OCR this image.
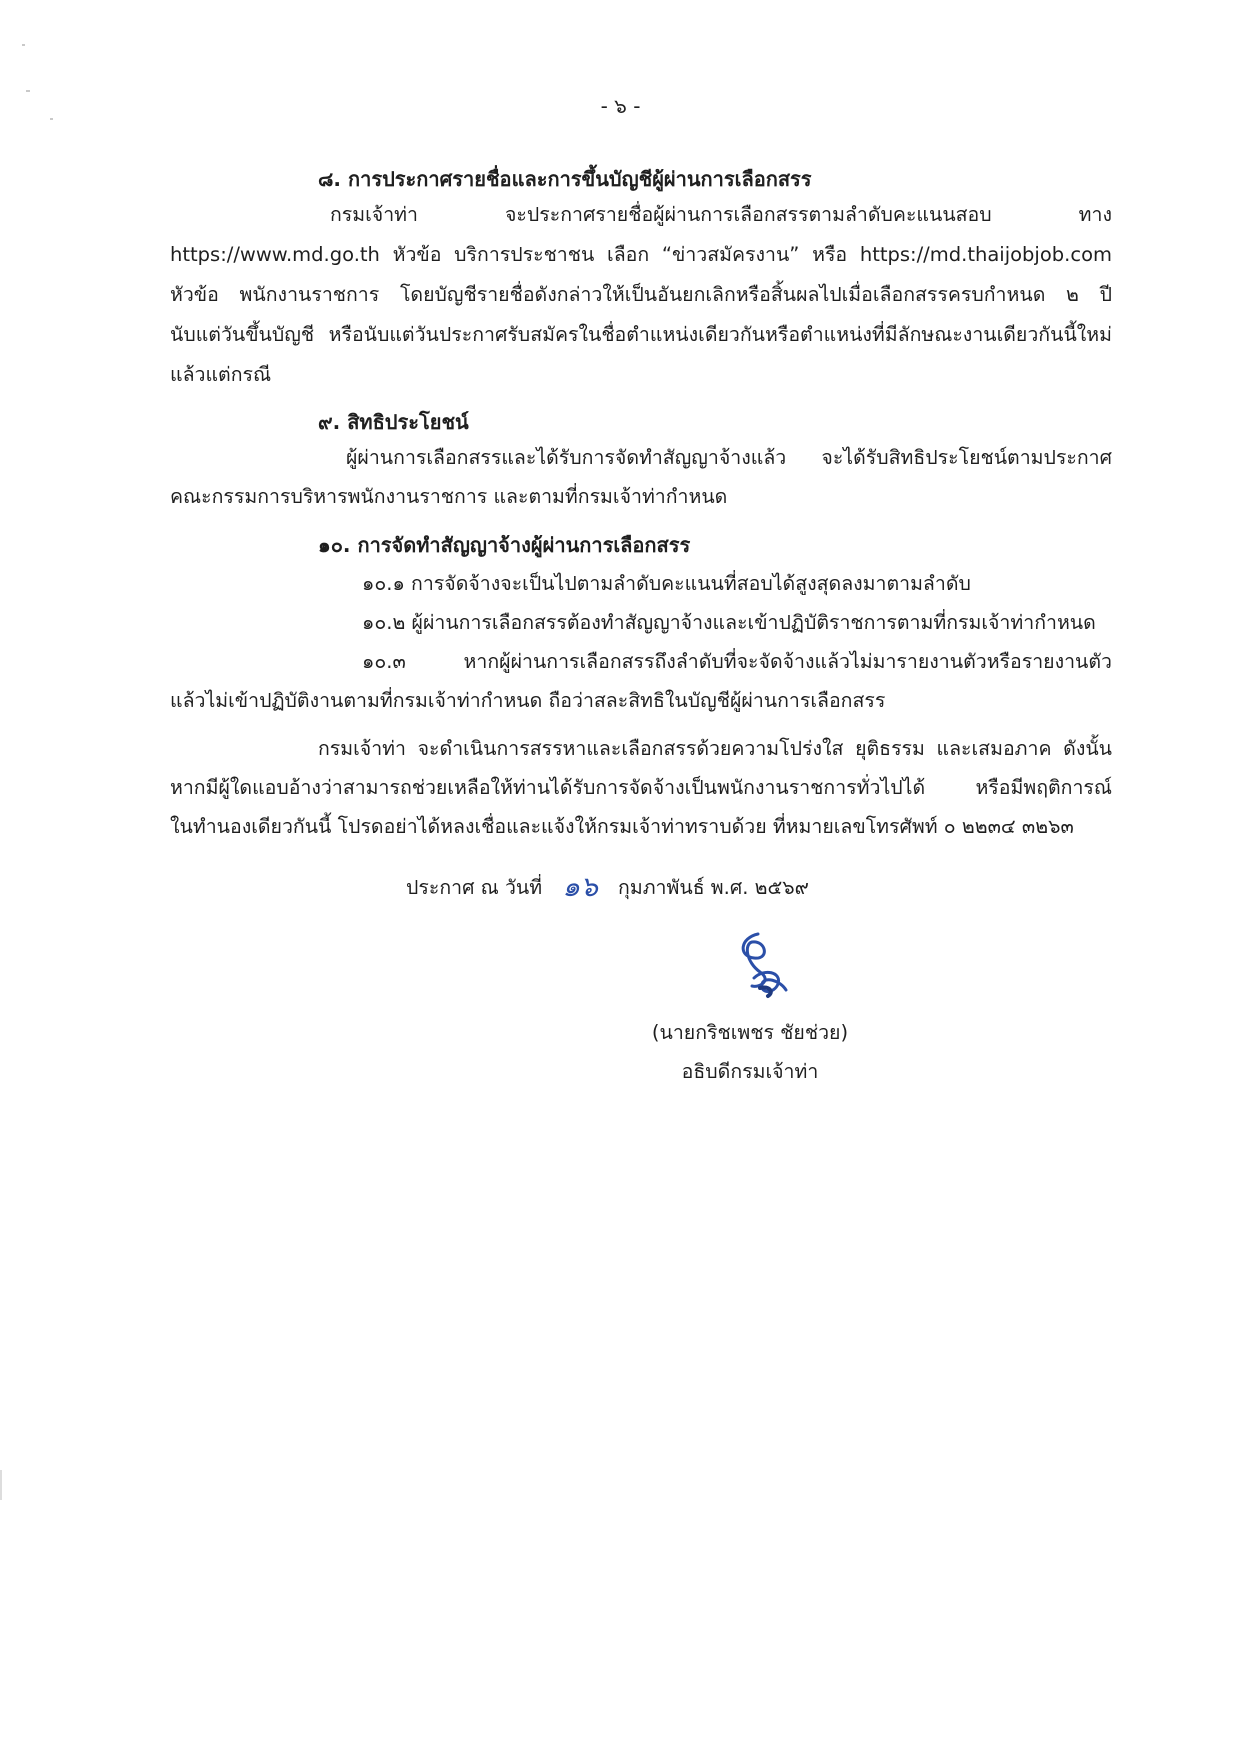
- ๖ -
๘. การประกาศรายชื่อและการขึ้นบัญชีผู้ผ่านการเลือกสรร
กรมเจ้าท่า จะประกาศรายชื่อผู้ผ่านการเลือกสรรตามลำดับคะแนนสอบ ทาง
https://www.md.go.th หัวข้อ บริการประชาชน เลือก “ข่าวสมัครงาน” หรือ https://md.thaijobjob.com
หัวข้อ พนักงานราชการ โดยบัญชีรายชื่อดังกล่าวให้เป็นอันยกเลิกหรือสิ้นผลไปเมื่อเลือกสรรครบกำหนด ๒ ปี
นับแต่วันขึ้นบัญชี หรือนับแต่วันประกาศรับสมัครในชื่อตำแหน่งเดียวกันหรือตำแหน่งที่มีลักษณะงานเดียวกันนี้ใหม่
แล้วแต่กรณี
๙. สิทธิประโยชน์
ผู้ผ่านการเลือกสรรและได้รับการจัดทำสัญญาจ้างแล้ว จะได้รับสิทธิประโยชน์ตามประกาศ
คณะกรรมการบริหารพนักงานราชการ และตามที่กรมเจ้าท่ากำหนด
๑๐. การจัดทำสัญญาจ้างผู้ผ่านการเลือกสรร
๑๐.๑ การจัดจ้างจะเป็นไปตามลำดับคะแนนที่สอบได้สูงสุดลงมาตามลำดับ
๑๐.๒ ผู้ผ่านการเลือกสรรต้องทำสัญญาจ้างและเข้าปฏิบัติราชการตามที่กรมเจ้าท่ากำหนด
๑๐.๓ หากผู้ผ่านการเลือกสรรถึงลำดับที่จะจัดจ้างแล้วไม่มารายงานตัวหรือรายงานตัว
แล้วไม่เข้าปฏิบัติงานตามที่กรมเจ้าท่ากำหนด ถือว่าสละสิทธิในบัญชีผู้ผ่านการเลือกสรร
กรมเจ้าท่า จะดำเนินการสรรหาและเลือกสรรด้วยความโปร่งใส ยุติธรรม และเสมอภาค ดังนั้น
หากมีผู้ใดแอบอ้างว่าสามารถช่วยเหลือให้ท่านได้รับการจัดจ้างเป็นพนักงานราชการทั่วไปได้ หรือมีพฤติการณ์
ในทำนองเดียวกันนี้ โปรดอย่าได้หลงเชื่อและแจ้งให้กรมเจ้าท่าทราบด้วย ที่หมายเลขโทรศัพท์ ๐ ๒๒๓๔ ๓๒๖๓
ประกาศ ณ วันที่ ๑๖ กุมภาพันธ์ พ.ศ. ๒๕๖๙
(นายกริชเพชร ชัยช่วย)
อธิบดีกรมเจ้าท่า
